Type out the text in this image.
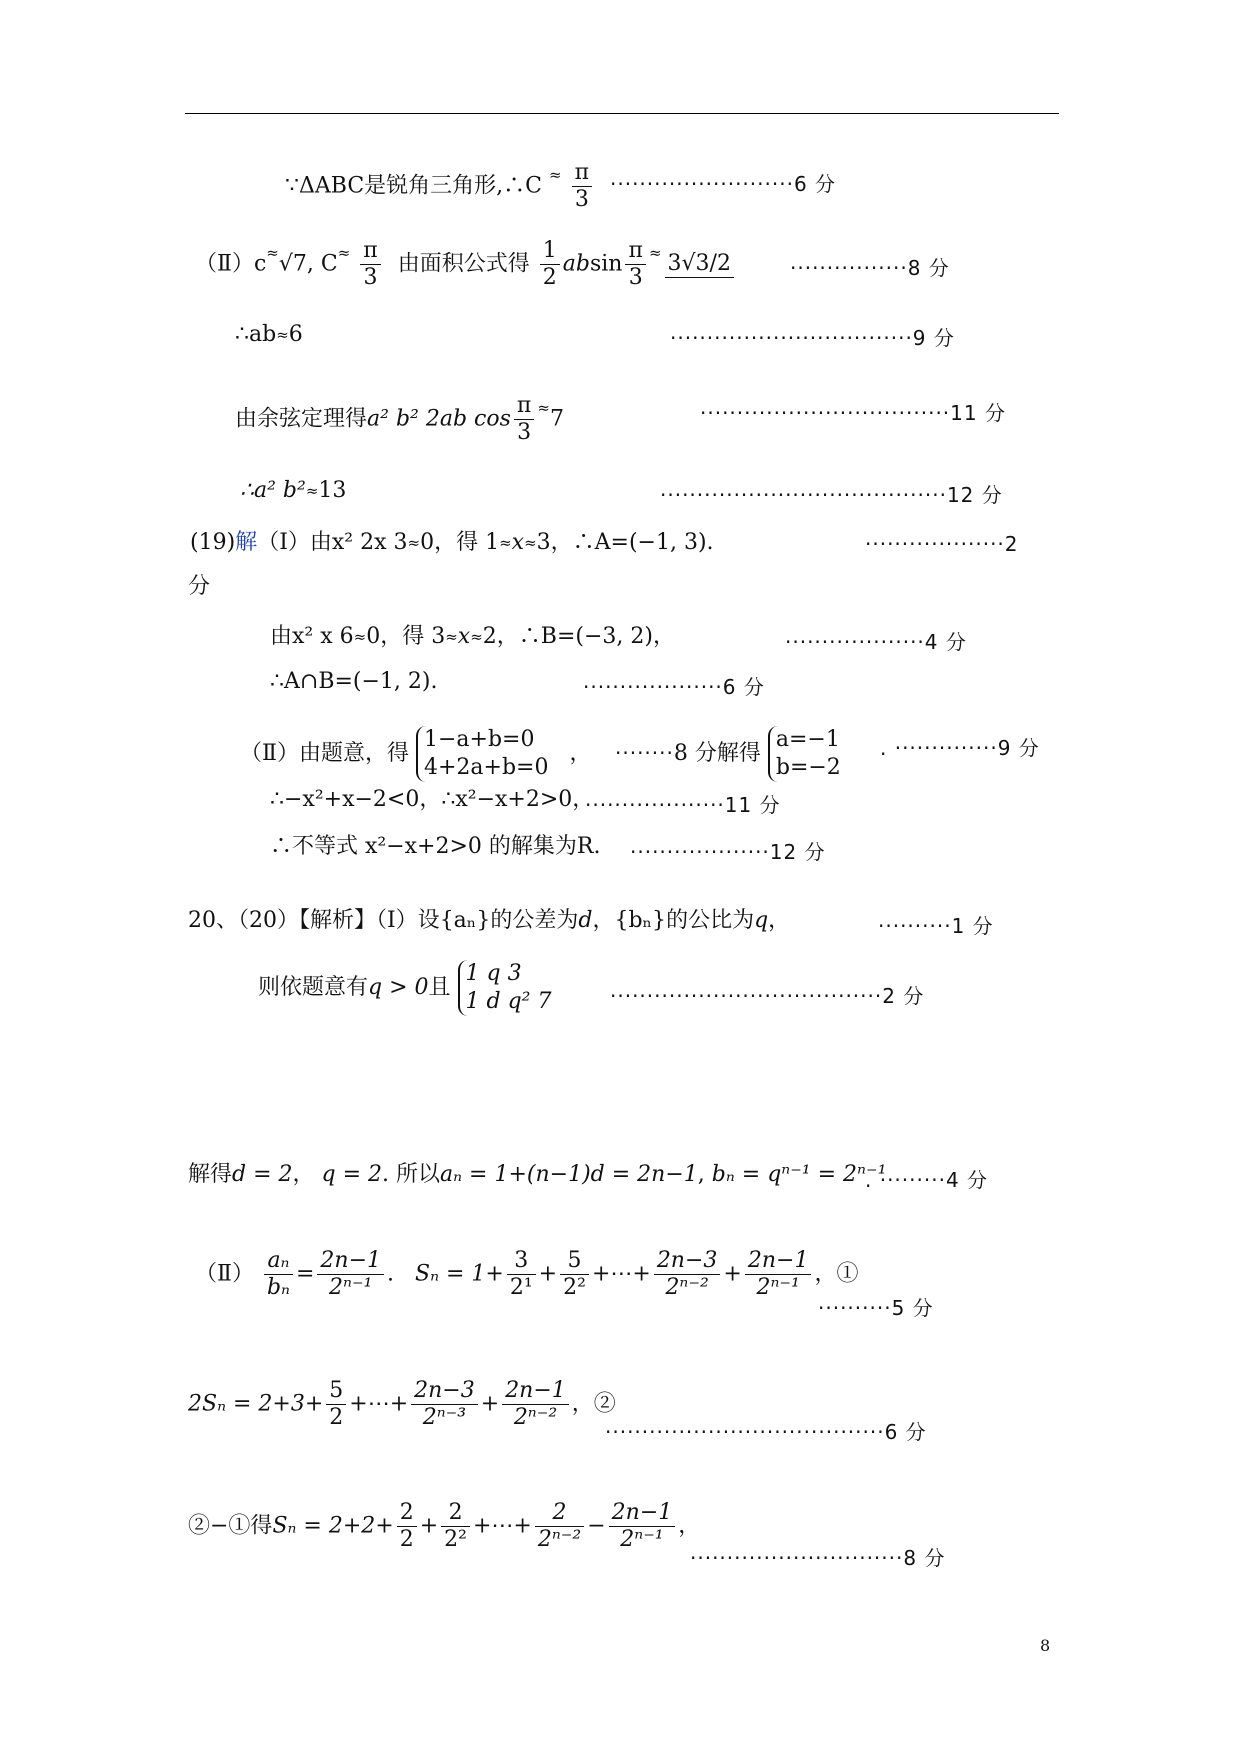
∵ΔABC是锐角三角形,∴C $^\approx \frac{\pi}{3} \cdot\cdot\cdot\cdot\cdot\cdot\cdot\cdot\cdot\cdot\cdot\cdot\cdot\cdot\cdot\cdot\cdot\cdot\cdot\cdot\cdot\cdot\cdot\cdot\cdot 6$ 分
（Ⅱ）c≈√7, $C^\approx \frac{\pi}{3}$ 由面积公式得 $\frac{1}{2}$ absin $\frac{\pi}{3} ^\approx$ 3√3/2	················8 分
∴ab≈6	·································9 分
由余弦定理得a² b² 2ab $\cos \frac{\pi}{3} ^\approx 7$	··································11 分
∴a² b²≈13	·······································12 分
(19)解（Ⅰ）由x² 2x 3≈0，得 1≈x≈3，∴A=(−1, 3).	···················2
分
由x² x 6≈0，得 3≈x≈2，∴B=(−3, 2)，	···················4 分
∴A∩B=(−1, 2).	···················6 分
（Ⅱ）由题意，得
1−a+b=0
4+2a+b=0
， ········8 分解得
a=−1
b=−2
. ··············9 分
∴−x²+x−2<0，∴x²−x+2>0，
···················11 分
∴不等式 x²−x+2>0 的解集为R. ···················12 分
20、（20）【解析】（Ⅰ）设{aₙ}的公差为d，{bₙ}的公比为q，	··········1 分
则依题意有q > 0且
1 q 3
1 d q² 7	·····································2 分
解得d = 2， q = 2. 所以aₙ = 1+(n−1)d = 2n−1, bₙ = qⁿ⁻¹ = 2ⁿ⁻¹
. ·········4 分
（Ⅱ） $\frac{\text{aₙ}}{\text{bₙ}} = \frac{2n-1}{\text{2ⁿ⁻¹}}$ .   $S_n = 1+ \frac{3}{\text{2¹}} + \frac{5}{\text{2²}}$ +⋯+ $\frac{2n-3}{\text{2ⁿ⁻²}} + \frac{2n-1}{\text{2ⁿ⁻¹}}$ ，①
··········5 分
$2S_n = 2+3+ \frac{5}{2}$ +⋯+ $\frac{2n-3}{\text{2ⁿ⁻³}} + \frac{2n-1}{\text{2ⁿ⁻²}}$ ，②
······································6 分
②−①得$S_n = 2+2+ \frac{2}{2} + \frac{2}{\text{2²}}$ +⋯+ $\frac{2}{\text{2ⁿ⁻²}} - \frac{2n-1}{\text{2ⁿ⁻¹}}$ ，
·····························8 分
8
